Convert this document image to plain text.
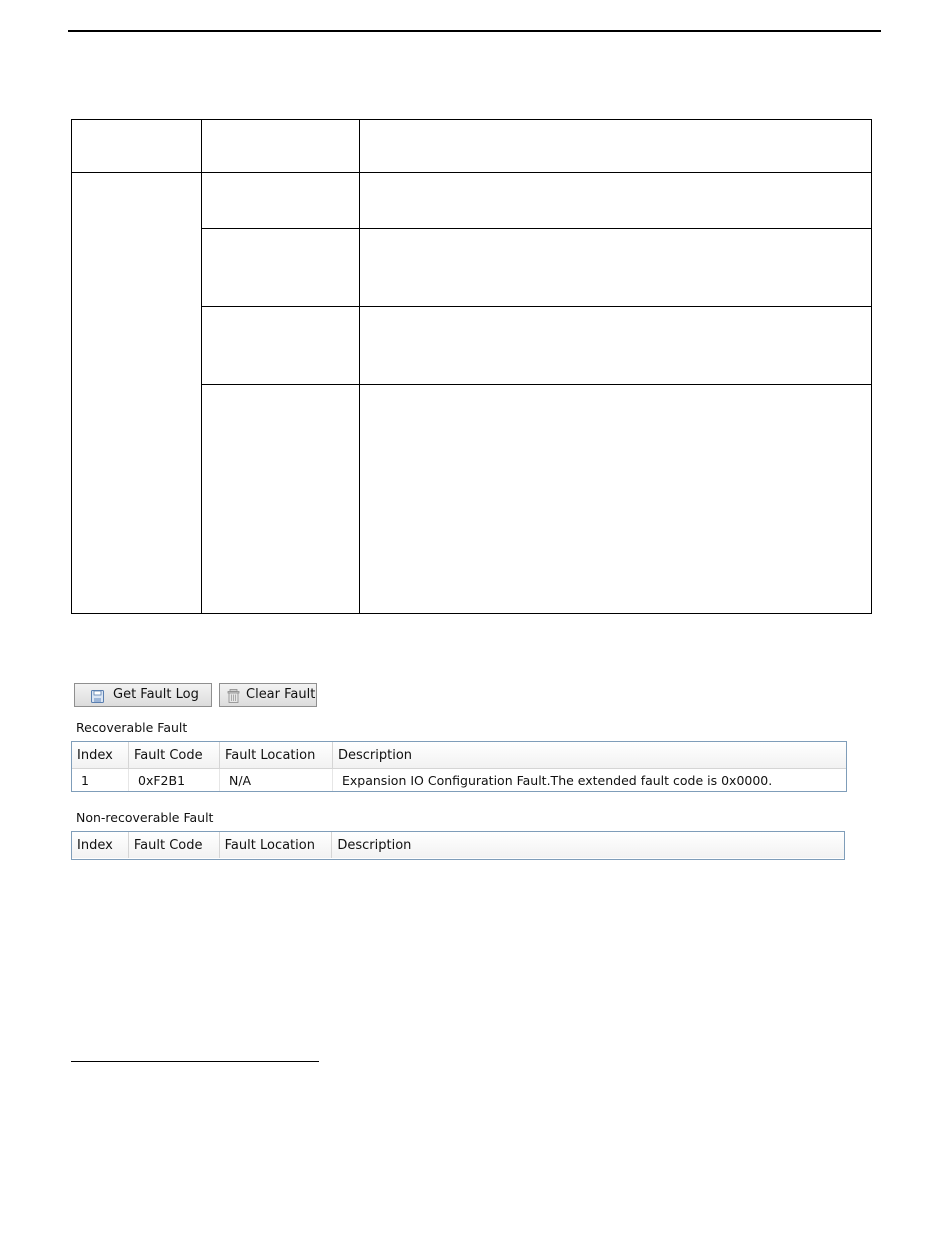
Get Fault Log	Clear Fault
Recoverable Fault
Index	Fault Code	Fault Location	Description
1	0xF2B1	N/A	Expansion IO Configuration Fault.The extended fault code is 0x0000.
Non-recoverable Fault
Index	Fault Code	Fault Location	Description
